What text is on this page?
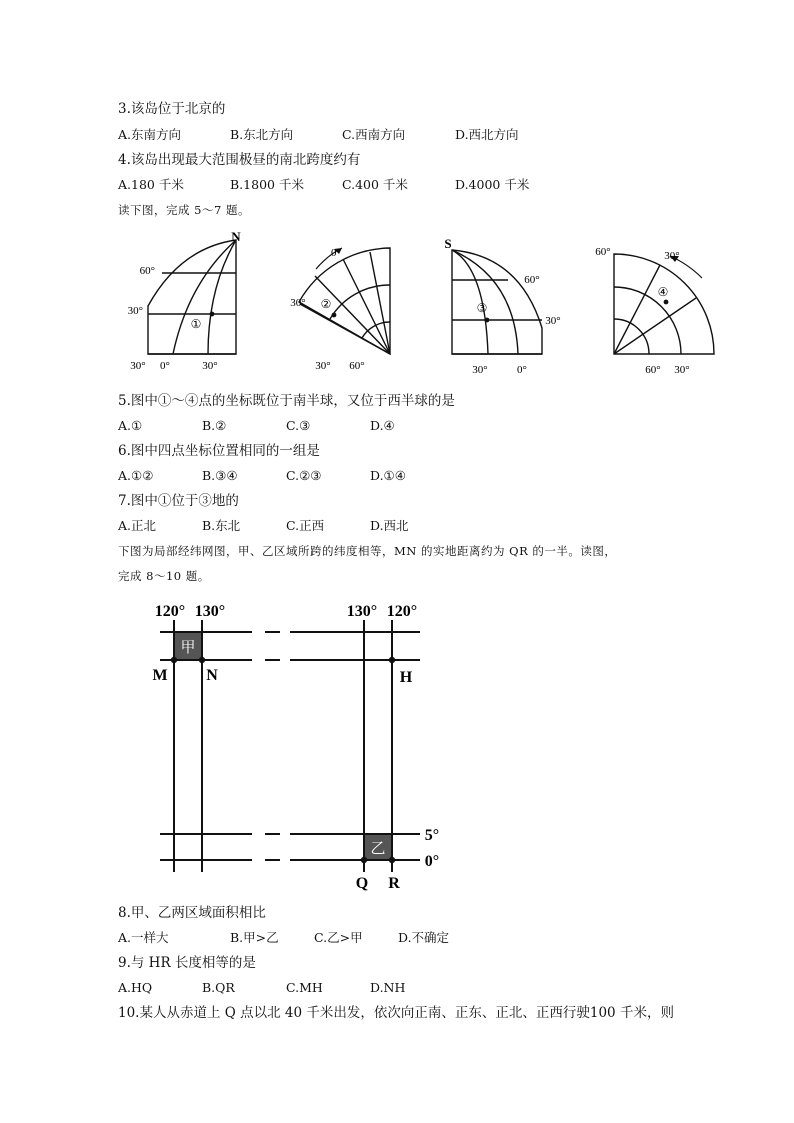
3.该岛位于北京的
A.东南方向	B.东北方向	C.西南方向	D.西北方向
4.该岛出现最大范围极昼的南北跨度约有
A.180 千米	B.1800 千米	C.400 千米	D.4000 千米
读下图，完成 5～7 题。
N
60°
30°
①
30° 0°	30°
0°
30° ②
30° 60°
S
60°
30°
③
30°	0°
60°	30°
④
60° 30°
5.图中①～④点的坐标既位于南半球，又位于西半球的是
A.①	B.②	C.③	D.④
6.图中四点坐标位置相同的一组是
A.①②	B.③④	C.②③	D.①④
7.图中①位于③地的
A.正北	B.东北	C.正西	D.西北
下图为局部经纬网图，甲、乙区域所跨的纬度相等，MN 的实地距离约为 QR 的一半。读图，
完成 8～10 题。
甲
乙
120° 130°	130° 120°
M N	H
Q R
5°
0°
8.甲、乙两区域面积相比
A.一样大	B.甲>乙	C.乙>甲	D.不确定
9.与 HR 长度相等的是
A.HQ	B.QR	C.MH	D.NH
10.某人从赤道上 Q 点以北 40 千米出发，依次向正南、正东、正北、正西行驶100 千米，则
